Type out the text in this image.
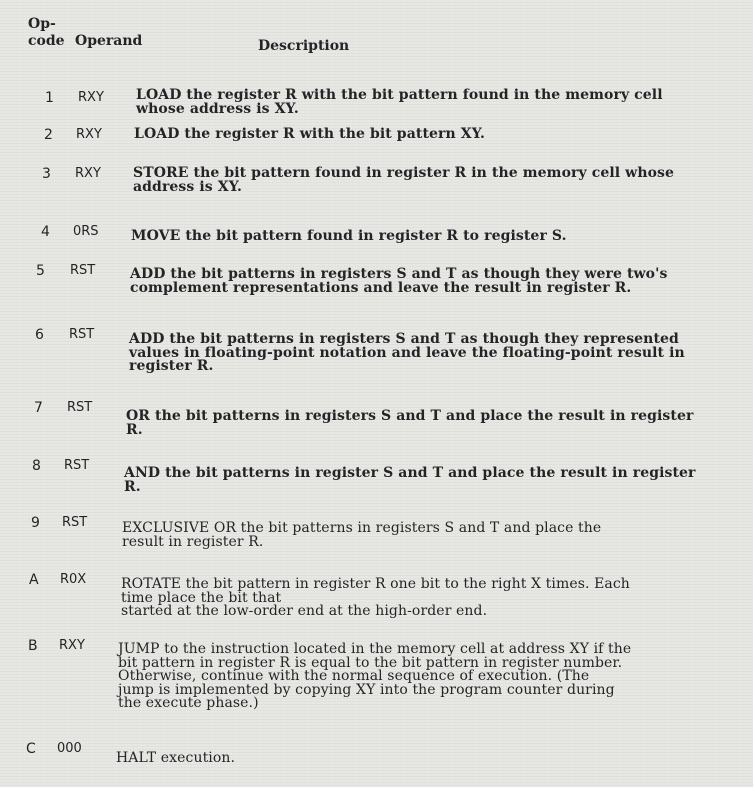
Op-
code Operand	Description
1 RXY LOAD the register R with the bit pattern found in the memory cell
whose address is XY.
2 RXY LOAD the register R with the bit pattern XY.
3 RXY STORE the bit pattern found in register R in the memory cell whose
address is XY.
4 0RS MOVE the bit pattern found in register R to register S.
5 RST ADD the bit patterns in registers S and T as though they were two's
complement representations and leave the result in register R.
6 RST ADD the bit patterns in registers S and T as though they represented
values in floating-point notation and leave the floating-point result in
register R.
7 RST
OR the bit patterns in registers S and T and place the result in register
R.
8 RST AND the bit patterns in register S and T and place the result in register
R.
9 RST EXCLUSIVE OR the bit patterns in registers S and T and place the
result in register R.
A R0X ROTATE the bit pattern in register R one bit to the right X times. Each
time place the bit that
started at the low-order end at the high-order end.
B RXY JUMP to the instruction located in the memory cell at address XY if the
bit pattern in register R is equal to the bit pattern in register number.
Otherwise, continue with the normal sequence of execution. (The
jump is implemented by copying XY into the program counter during
the execute phase.)
C 000
HALT execution.
